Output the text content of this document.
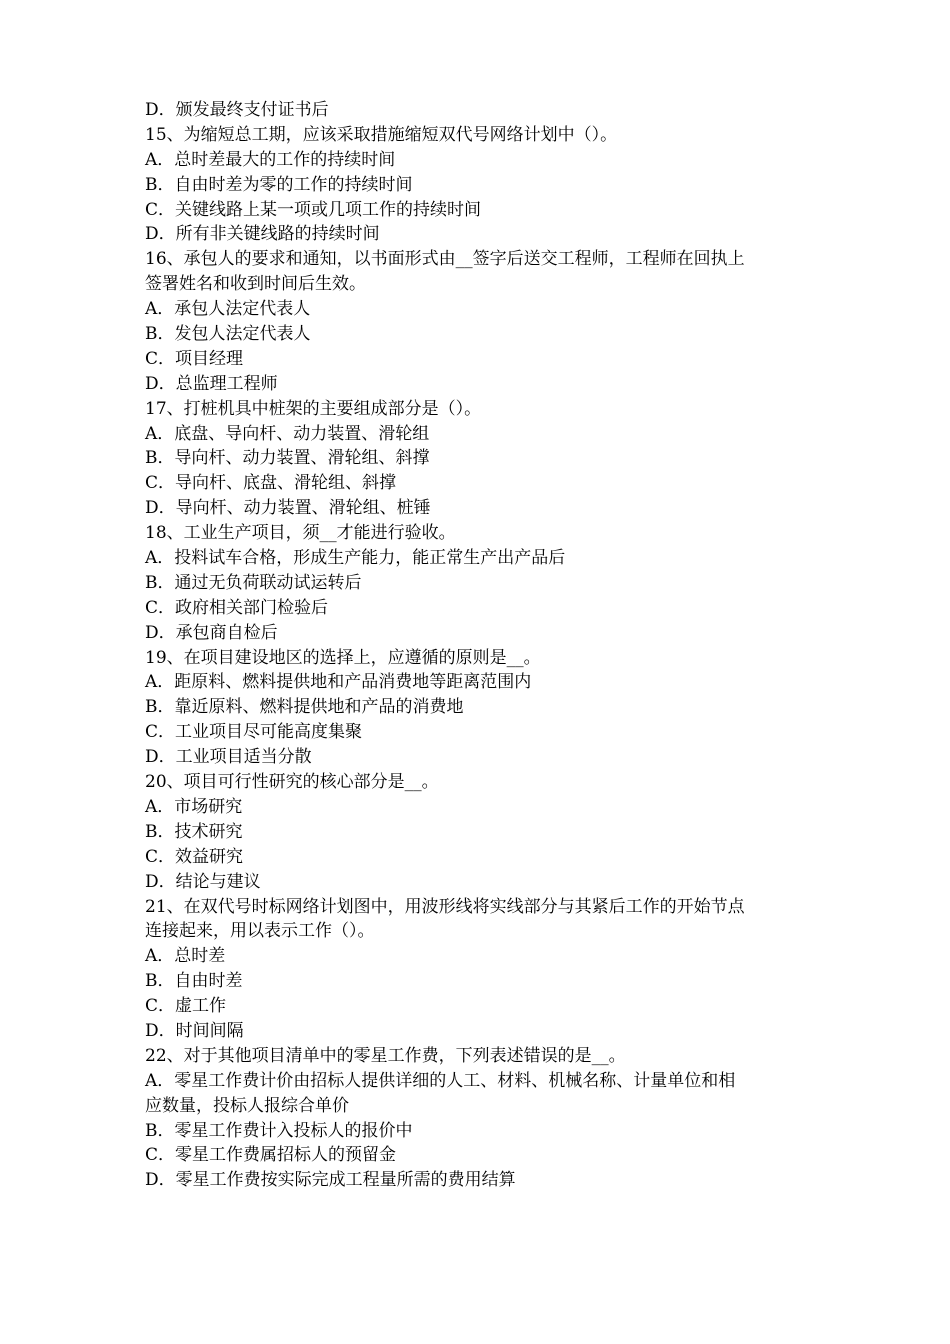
D．颁发最终支付证书后
15、为缩短总工期，应该采取措施缩短双代号网络计划中（）。
A．总时差最大的工作的持续时间
B．自由时差为零的工作的持续时间
C．关键线路上某一项或几项工作的持续时间
D．所有非关键线路的持续时间
16、承包人的要求和通知，以书面形式由__签字后送交工程师，工程师在回执上
签署姓名和收到时间后生效。
A．承包人法定代表人
B．发包人法定代表人
C．项目经理
D．总监理工程师
17、打桩机具中桩架的主要组成部分是（）。
A．底盘、导向杆、动力装置、滑轮组
B．导向杆、动力装置、滑轮组、斜撑
C．导向杆、底盘、滑轮组、斜撑
D．导向杆、动力装置、滑轮组、桩锤
18、工业生产项目，须__才能进行验收。
A．投料试车合格，形成生产能力，能正常生产出产品后
B．通过无负荷联动试运转后
C．政府相关部门检验后
D．承包商自检后
19、在项目建设地区的选择上，应遵循的原则是__。
A．距原料、燃料提供地和产品消费地等距离范围内
B．靠近原料、燃料提供地和产品的消费地
C．工业项目尽可能高度集聚
D．工业项目适当分散
20、项目可行性研究的核心部分是__。
A．市场研究
B．技术研究
C．效益研究
D．结论与建议
21、在双代号时标网络计划图中，用波形线将实线部分与其紧后工作的开始节点
连接起来，用以表示工作（）。
A．总时差
B．自由时差
C．虚工作
D．时间间隔
22、对于其他项目清单中的零星工作费，下列表述错误的是__。
A．零星工作费计价由招标人提供详细的人工、材料、机械名称、计量单位和相
应数量，投标人报综合单价
B．零星工作费计入投标人的报价中
C．零星工作费属招标人的预留金
D．零星工作费按实际完成工程量所需的费用结算
